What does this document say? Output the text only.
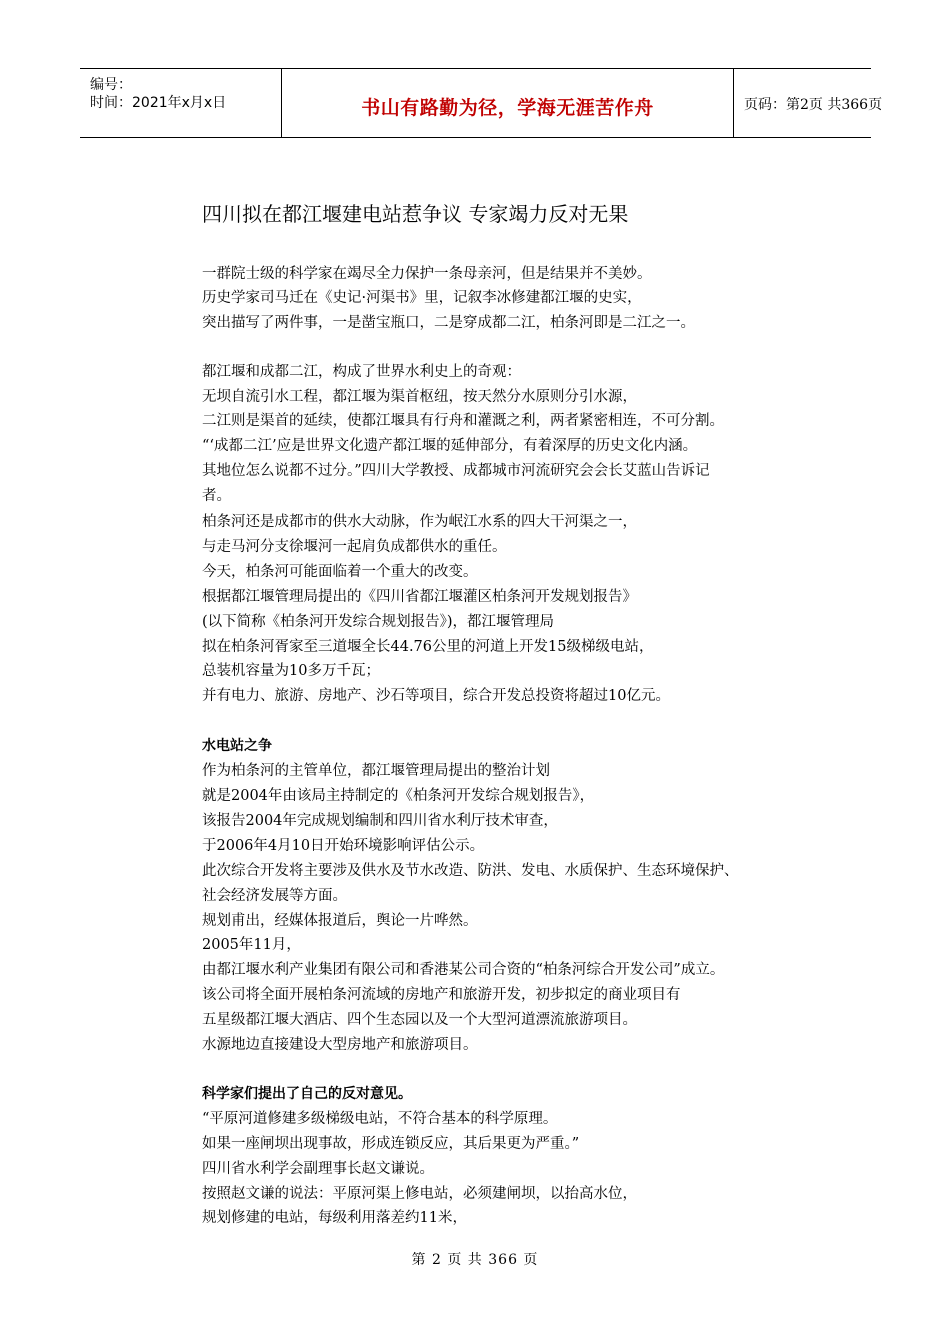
编号：
时间：2021年x月x日	书山有路勤为径，学海无涯苦作舟	页码：第2页 共366页
四川拟在都江堰建电站惹争议 专家竭力反对无果
一群院士级的科学家在竭尽全力保护一条母亲河，但是结果并不美妙。
历史学家司马迁在《史记·河渠书》里，记叙李冰修建都江堰的史实，
突出描写了两件事，一是凿宝瓶口，二是穿成都二江，柏条河即是二江之一。
都江堰和成都二江，构成了世界水利史上的奇观：
无坝自流引水工程，都江堰为渠首枢纽，按天然分水原则分引水源，
二江则是渠首的延续，使都江堰具有行舟和灌溉之利，两者紧密相连，不可分割。
“‘成都二江’应是世界文化遗产都江堰的延伸部分，有着深厚的历史文化内涵。
其地位怎么说都不过分。”四川大学教授、成都城市河流研究会会长艾蓝山告诉记
者。
柏条河还是成都市的供水大动脉，作为岷江水系的四大干河渠之一，
与走马河分支徐堰河一起肩负成都供水的重任。
今天，柏条河可能面临着一个重大的改变。
根据都江堰管理局提出的《四川省都江堰灌区柏条河开发规划报告》
(以下简称《柏条河开发综合规划报告》)，都江堰管理局
拟在柏条河胥家至三道堰全长44.76公里的河道上开发15级梯级电站，
总装机容量为10多万千瓦；
并有电力、旅游、房地产、沙石等项目，综合开发总投资将超过10亿元。
水电站之争
作为柏条河的主管单位，都江堰管理局提出的整治计划
就是2004年由该局主持制定的《柏条河开发综合规划报告》，
该报告2004年完成规划编制和四川省水利厅技术审查，
于2006年4月10日开始环境影响评估公示。
此次综合开发将主要涉及供水及节水改造、防洪、发电、水质保护、生态环境保护、
社会经济发展等方面。
规划甫出，经媒体报道后，舆论一片哗然。
2005年11月，
由都江堰水利产业集团有限公司和香港某公司合资的“柏条河综合开发公司”成立。
该公司将全面开展柏条河流域的房地产和旅游开发，初步拟定的商业项目有
五星级都江堰大酒店、四个生态园以及一个大型河道漂流旅游项目。
水源地边直接建设大型房地产和旅游项目。
科学家们提出了自己的反对意见。
“平原河道修建多级梯级电站，不符合基本的科学原理。
如果一座闸坝出现事故，形成连锁反应，其后果更为严重。”
四川省水利学会副理事长赵文谦说。
按照赵文谦的说法：平原河渠上修电站，必须建闸坝，以抬高水位，
规划修建的电站，每级利用落差约11米，
第 2 页 共 366 页
